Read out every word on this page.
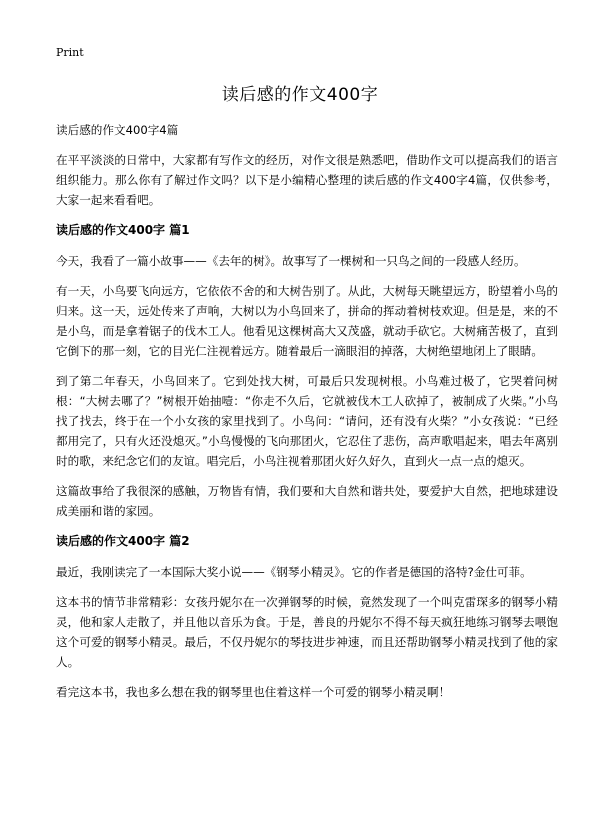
Print
读后感的作文400字

读后感的作文400字4篇

在平平淡淡的日常中，大家都有写作文的经历，对作文很是熟悉吧，借助作文可以提高我们的语言组织能力。那么你有了解过作文吗？以下是小编精心整理的读后感的作文400字4篇，仅供参考，大家一起来看看吧。

读后感的作文400字 篇1

今天，我看了一篇小故事——《去年的树》。故事写了一棵树和一只鸟之间的一段感人经历。

有一天，小鸟要飞向远方，它依依不舍的和大树告别了。从此，大树每天眺望远方，盼望着小鸟的归来。这一天，远处传来了声响，大树以为小鸟回来了，拼命的挥动着树枝欢迎。但是是，来的不是小鸟，而是拿着锯子的伐木工人。他看见这棵树高大又茂盛，就动手砍它。大树痛苦极了，直到它倒下的那一刻，它的目光仁注视着远方。随着最后一滴眼泪的掉落，大树绝望地闭上了眼睛。

到了第二年春天，小鸟回来了。它到处找大树，可最后只发现树根。小鸟难过极了，它哭着问树根：“大树去哪了？”树根开始抽噎：“你走不久后，它就被伐木工人砍掉了，被制成了火柴。”小鸟找了找去，终于在一个小女孩的家里找到了。小鸟问：“请问，还有没有火柴？”小女孩说：“已经都用完了，只有火还没熄灭。”小鸟慢慢的飞向那团火，它忍住了悲伤，高声歌唱起来，唱去年离别时的歌，来纪念它们的友谊。唱完后，小鸟注视着那团火好久好久，直到火一点一点的熄灭。

这篇故事给了我很深的感触，万物皆有情，我们要和大自然和谐共处，要爱护大自然，把地球建设成美丽和谐的家园。

读后感的作文400字 篇2

最近，我刚读完了一本国际大奖小说——《钢琴小精灵》。它的作者是德国的洛特?金仕可菲。

这本书的情节非常精彩：女孩丹妮尔在一次弹钢琴的时候，竟然发现了一个叫克雷琛多的钢琴小精灵，他和家人走散了，并且他以音乐为食。于是，善良的丹妮尔不得不每天疯狂地练习钢琴去喂饱这个可爱的钢琴小精灵。最后，不仅丹妮尔的琴技进步神速，而且还帮助钢琴小精灵找到了他的家人。

看完这本书，我也多么想在我的钢琴里也住着这样一个可爱的钢琴小精灵啊！
